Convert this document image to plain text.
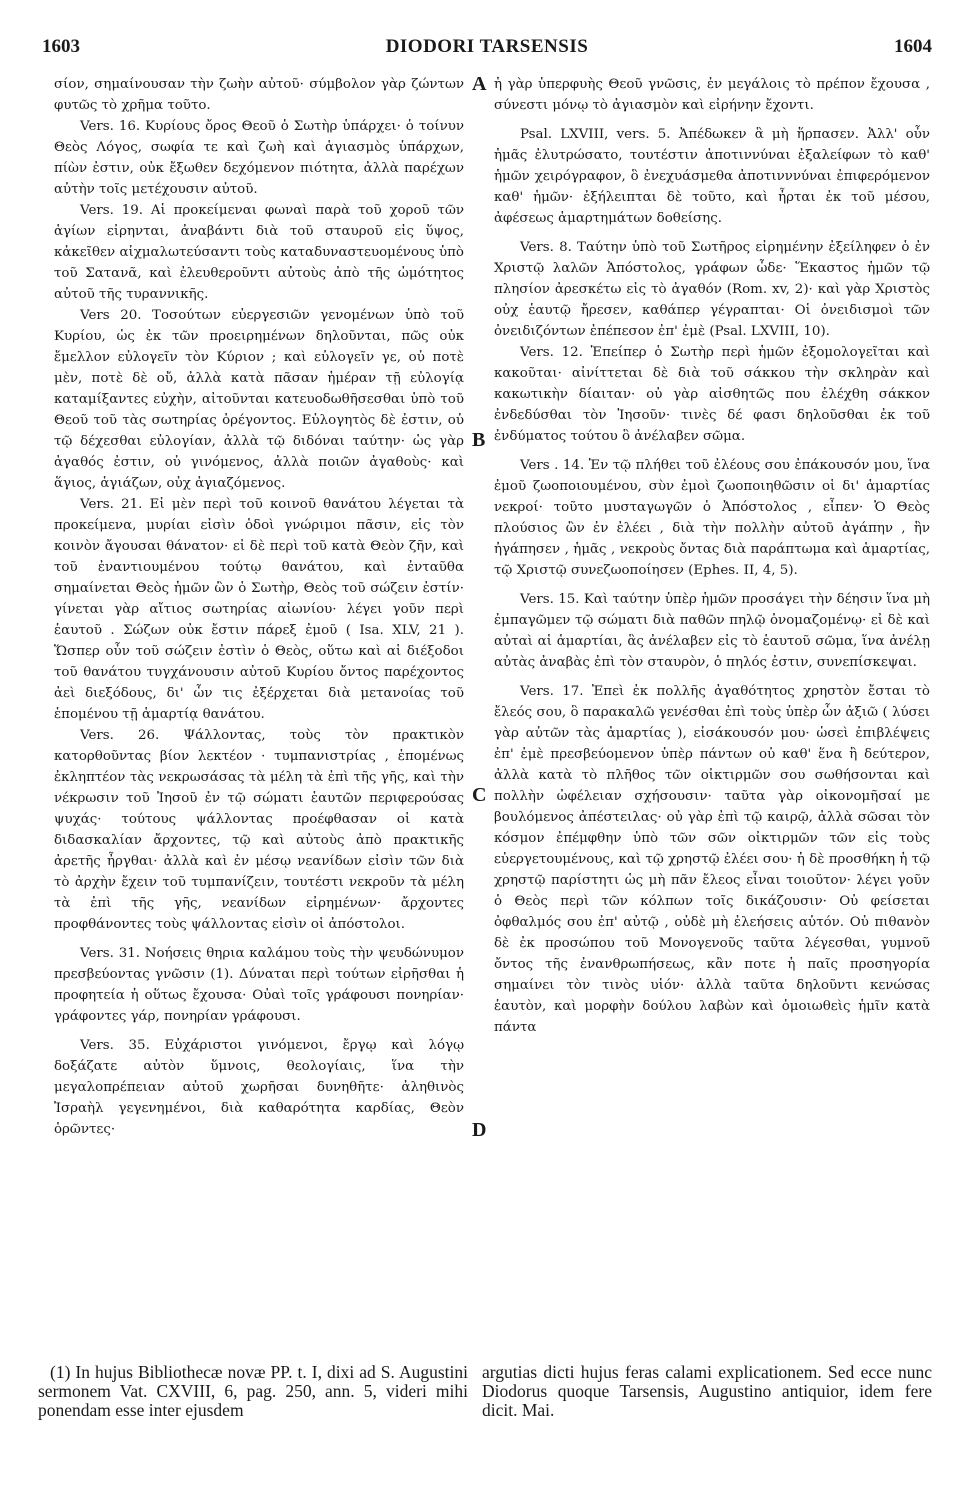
1603	DIODORI TARSENSIS	1604

σίον, σημαίνουσαν τὴν ζωὴν αὐτοῦ· σύμβολον γὰρ ζώντων φυτῶς τὸ χρῆμα τοῦτο.

Vers. 16. Κυρίους ὄρος Θεοῦ ὁ Σωτὴρ ὑπάρχει· ὁ τοίνυν Θεὸς Λόγος, σωφία τε καὶ ζωὴ καὶ ἁγιασμὸς ὑπάρχων, πίὼν ἐστιν, οὐκ ἔξωθεν δεχόμενον πιότητα, ἀλλὰ παρέχων αὐτὴν τοῖς μετέχουσιν αὐτοῦ.

Vers. 19. Αἱ προκείμεναι φωναὶ παρὰ τοῦ χοροῦ τῶν ἁγίων εἰρηνται, ἀναβάντι διὰ τοῦ σταυροῦ εἰς ὕψος, κἀκεῖθεν αἰχμαλωτεύσαντι τοὺς καταδυναστευομένους ὑπὸ τοῦ Σατανᾶ, καὶ ἐλευθεροῦντι αὐτοὺς ἀπὸ τῆς ὠμότητος αὐτοῦ τῆς τυραννικῆς.

Vers 20. Τοσούτων εὐεργεσιῶν γενομένων ὑπὸ τοῦ Κυρίου, ὡς ἐκ τῶν προειρημένων δηλοῦνται, πῶς οὐκ ἔμελλον εὐλογεῖν τὸν Κύριον ; καὶ εὐλογεῖν γε, οὐ ποτὲ μὲν, ποτὲ δὲ οὔ, ἀλλὰ κατὰ πᾶσαν ἡμέραν τῇ εὐλογίᾳ καταμίξαντες εὐχὴν, αἰτοῦνται κατευοδωθῆσεσθαι ὑπὸ τοῦ Θεοῦ τοῦ τὰς σωτηρίας ὀρέγοντος. Εὐλογητὸς δὲ ἐστιν, οὐ τῷ δέχεσθαι εὐλογίαν, ἀλλὰ τῷ διδόναι ταύτην· ὡς γὰρ ἀγαθός ἐστιν, οὐ γινόμενος, ἀλλὰ ποιῶν ἀγαθοὺς· καὶ ἅγιος, ἁγιάζων, οὐχ ἁγιαζόμενος.

Vers. 21. Εἰ μὲν περὶ τοῦ κοινοῦ θανάτου λέγεται τὰ προκείμενα, μυρίαι εἰσὶν ὁδοὶ γνώριμοι πᾶσιν, εἰς τὸν κοινὸν ἄγουσαι θάνατον· εἰ δὲ περὶ τοῦ κατὰ Θεὸν ζῆν, καὶ τοῦ ἐναντιουμένου τούτῳ θανάτου, καὶ ἐνταῦθα σημαίνεται Θεὸς ἡμῶν ὢν ὁ Σωτὴρ, Θεὸς τοῦ σώζειν ἐστίν· γίνεται γὰρ αἴτιος σωτηρίας αἰωνίου· λέγει γοῦν περὶ ἑαυτοῦ . Σώζων οὐκ ἔστιν πάρεξ ἐμοῦ ( Isa. XLV, 21 ). Ὥσπερ οὖν τοῦ σώζειν ἐστὶν ὁ Θεὸς, οὕτω καὶ αἱ διέξοδοι τοῦ θανάτου τυγχάνουσιν αὐτοῦ Κυρίου ὄντος παρέχοντος ἀεὶ διεξόδους, δι' ὧν τις ἐξέρχεται διὰ μετανοίας τοῦ ἑπομένου τῇ ἁμαρτίᾳ θανάτου.

Vers. 26. Ψάλλοντας, τοὺς τὸν πρακτικὸν κατορθοῦντας βίον λεκτέον · τυμπανιστρίας , ἐπομένως ἐκληπτέον τὰς νεκρωσάσας τὰ μέλη τὰ ἐπὶ τῆς γῆς, καὶ τὴν νέκρωσιν τοῦ Ἰησοῦ ἐν τῷ σώματι ἑαυτῶν περιφερούσας ψυχάς· τούτους ψάλλοντας προέφθασαν οἱ κατὰ διδασκαλίαν ἄρχοντες, τῷ καὶ αὐτοὺς ἀπὸ πρακτικῆς ἀρετῆς ἦργθαι· ἀλλὰ καὶ ἐν μέσῳ νεανίδων εἰσὶν τῶν διὰ τὸ ἀρχὴν ἔχειν τοῦ τυμπανίζειν, τουτέστι νεκροῦν τὰ μέλη τὰ ἐπὶ τῆς γῆς, νεανίδων εἰρημένων· ἄρχοντες προφθάνοντες τοὺς ψάλλοντας εἰσὶν οἱ ἀπόστολοι.

Vers. 31. Νοήσεις θηρια καλάμου τοὺς τὴν ψευδώνυμον πρεσβεύοντας γνῶσιν (1). Δύναται περὶ τούτων εἰρῆσθαι ἡ προφητεία ἡ οὕτως ἔχουσα· Οὐαὶ τοῖς γράφουσι πονηρίαν· γράφοντες γάρ, πονηρίαν γράφουσι.

Vers. 35. Εὐχάριστοι γινόμενοι, ἔργῳ καὶ λόγῳ δοξάζατε αὐτὸν ὕμνοις, θεολογίαις, ἵνα τὴν μεγαλοπρέπειαν αὐτοῦ χωρῆσαι δυνηθῆτε· ἀληθινὸς Ἰσραὴλ γεγενημένοι, διὰ καθαρότητα καρδίας, Θεὸν ὁρῶντες·

ἡ γὰρ ὑπερφυὴς Θεοῦ γνῶσις, ἐν μεγάλοις τὸ πρέπον ἔχουσα , σύνεστι μόνῳ τὸ ἁγιασμὸν καὶ εἰρήνην ἔχοντι.

Psal. LXVIII, vers. 5. Ἀπέδωκεν ἃ μὴ ἥρπασεν. Ἀλλ' οὖν ἡμᾶς ἐλυτρώσατο, τουτέστιν ἀποτιννύναι ἐξαλείφων τὸ καθ' ἡμῶν χειρόγραφον, ὃ ἐνεχυάσμεθα ἀποτινννύναι ἐπιφερόμενον καθ' ἡμῶν· ἐξήλειπται δὲ τοῦτο, καὶ ἦρται ἐκ τοῦ μέσου, ἀφέσεως ἁμαρτημάτων δοθείσης.

Vers. 8. Ταύτην ὑπὸ τοῦ Σωτῆρος εἰρημένην ἐξείληφεν ὁ ἐν Χριστῷ λαλῶν Ἀπόστολος, γράφων ὧδε· Ἕκαστος ἡμῶν τῷ πλησίον ἀρεσκέτω εἰς τὸ ἀγαθόν (Rom. xv, 2)· καὶ γὰρ Χριστὸς οὐχ ἑαυτῷ ἤρεσεν, καθάπερ γέγραπται· Οἱ ὀνειδισμοὶ τῶν ὀνειδιζόντων ἐπέπεσον ἐπ' ἐμὲ (Psal. LXVIII, 10).

Vers. 12. Ἐπείπερ ὁ Σωτὴρ περὶ ἡμῶν ἐξομολογεῖται καὶ κακοῦται· αἰνίττεται δὲ διὰ τοῦ σάκκου τὴν σκληρὰν καὶ κακωτικὴν δίαιταν· οὐ γὰρ αἰσθητῶς που ἐλέχθη σάκκον ἐνδεδύσθαι τὸν Ἰησοῦν· τινὲς δέ φασι δηλοῦσθαι ἐκ τοῦ ἐνδύματος τούτου ὃ ἀνέλαβεν σῶμα.

Vers . 14. Ἐν τῷ πλήθει τοῦ ἐλέους σου ἐπάκουσόν μου, ἵνα ἐμοῦ ζωοποιουμένου, σὺν ἐμοὶ ζωοποιηθῶσιν οἱ δι' ἁμαρτίας νεκροί· τοῦτο μυσταγωγῶν ὁ Ἀπόστολος , εἶπεν· Ὁ Θεὸς πλούσιος ὢν ἐν ἐλέει , διὰ τὴν πολλὴν αὐτοῦ ἀγάπην , ἣν ἠγάπησεν , ἡμᾶς , νεκροὺς ὄντας διὰ παράπτωμα καὶ ἁμαρτίας, τῷ Χριστῷ συνεζωοποίησεν (Ephes. II, 4, 5).

Vers. 15. Καὶ ταύτην ὑπὲρ ἡμῶν προσάγει τὴν δέησιν ἵνα μὴ ἐμπαγῶμεν τῷ σώματι διὰ παθῶν πηλῷ ὀνομαζομένῳ· εἰ δὲ καὶ αὐταὶ αἱ ἁμαρτίαι, ἃς ἀνέλαβεν εἰς τὸ ἑαυτοῦ σῶμα, ἵνα ἀνέλῃ αὐτὰς ἀναβὰς ἐπὶ τὸν σταυρὸν, ὁ πηλός ἐστιν, συνεπίσκεψαι.

Vers. 17. Ἐπεὶ ἐκ πολλῆς ἀγαθότητος χρηστὸν ἔσται τὸ ἔλεός σου, ὃ παρακαλῶ γενέσθαι ἐπὶ τοὺς ὑπὲρ ὧν ἀξιῶ ( λύσει γὰρ αὐτῶν τὰς ἁμαρτίας ), εἰσάκουσόν μου· ὡσεὶ ἐπιβλέψεις ἐπ' ἐμὲ πρεσβεύομενον ὑπὲρ πάντων οὐ καθ' ἕνα ἢ δεύτερον, ἀλλὰ κατὰ τὸ πλῆθος τῶν οἰκτιρμῶν σου σωθήσονται καὶ πολλὴν ὠφέλειαν σχήσουσιν· ταῦτα γὰρ οἰκονομῆσαί με βουλόμενος ἀπέστειλας· οὐ γὰρ ἐπὶ τῷ καιρῷ, ἀλλὰ σῶσαι τὸν κόσμον ἐπέμφθην ὑπὸ τῶν σῶν οἰκτιρμῶν τῶν εἰς τοὺς εὐεργετουμένους, καὶ τῷ χρηστῷ ἐλέει σου· ἡ δὲ προσθήκη ἡ τῷ χρηστῷ παρίστητι ὡς μὴ πᾶν ἔλεος εἶναι τοιοῦτον· λέγει γοῦν ὁ Θεὸς περὶ τῶν κόλπων τοῖς δικάζουσιν· Οὐ φείσεται ὀφθαλμός σου ἐπ' αὐτῷ , οὐδὲ μὴ ἐλεήσεις αὐτόν. Οὐ πιθανὸν δὲ ἐκ προσώπου τοῦ Μονογενοῦς ταῦτα λέγεσθαι, γυμνοῦ ὄντος τῆς ἐνανθρωπήσεως, κἂν ποτε ἡ παῖς προσηγορία σημαίνει τὸν τινὸς υἱόν· ἀλλὰ ταῦτα δηλοῦντι κενώσας ἑαυτὸν, καὶ μορφὴν δούλου λαβὼν καὶ ὁμοιωθεὶς ἡμῖν κατὰ πάντα

A
B
C
D

(1) In hujus Bibliothecæ novæ PP. t. I, dixi ad S. Augustini sermonem Vat. CXVIII, 6, pag. 250, ann. 5, videri mihi ponendam esse inter ejusdem

argutias dicti hujus feras calami explicationem. Sed ecce nunc Diodorus quoque Tarsensis, Augustino antiquior, idem fere dicit. Mai.
